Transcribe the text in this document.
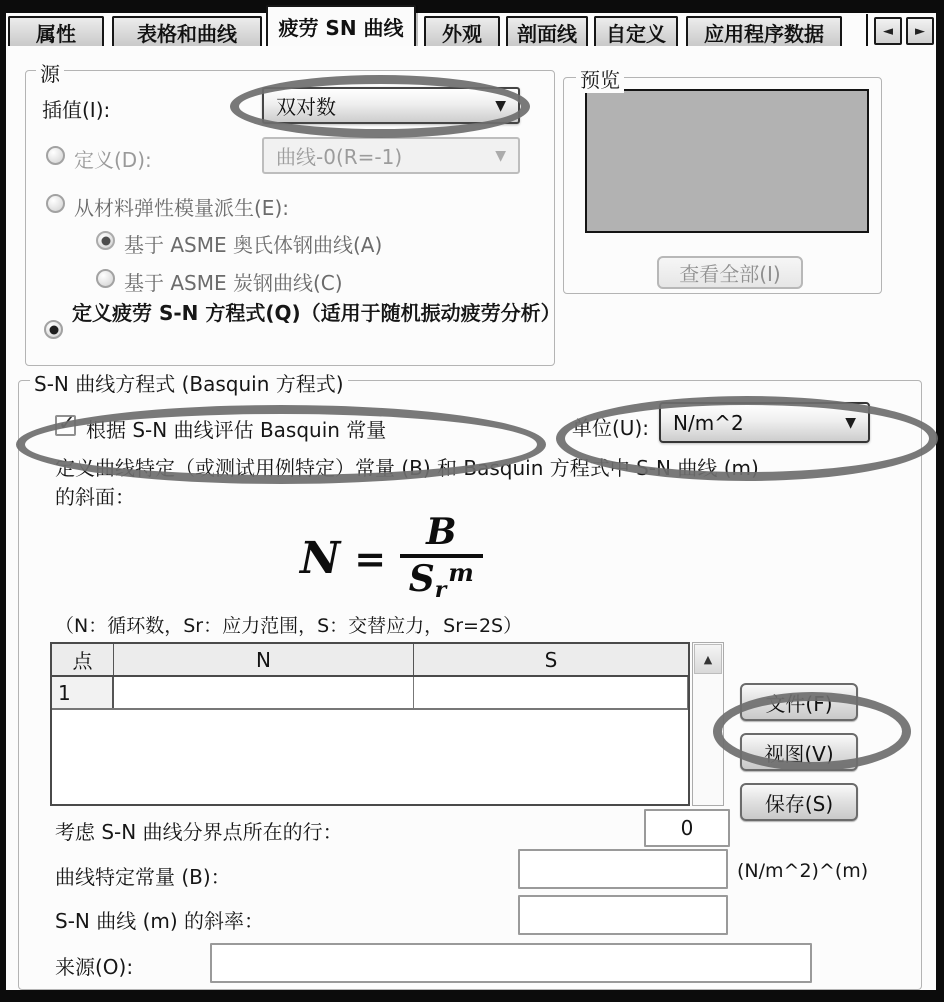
属性	表格和曲线	疲劳 SN 曲线	外观	剖面线	自定义	应用程序数据	◄ ►
源
插值(I):	双对数	▼
定义(D):	曲线-0(R=-1)	▼
从材料弹性模量派生(E):
基于 ASME 奥氏体钢曲线(A)
基于 ASME 炭钢曲线(C)
定义疲劳 S-N 方程式(Q)（适用于随机振动疲劳分析）
预览
查看全部(I)
S-N 曲线方程式 (Basquin 方程式)
✓ 根据 S-N 曲线评估 Basquin 常量	单位(U): N/m^2	▼
定义曲线特定（或测试用例特定）常量 (B) 和 Basquin 方程式中 S-N 曲线 (m)
的斜面：
N = B
$S_r$
$^m$
（N：循环数，Sr：应力范围，S：交替应力，Sr=2S）
点	N	S
1
▲
文件(F)
视图(V)
保存(S)
考虑 S-N 曲线分界点所在的行：
0
曲线特定常量 (B)：	(N/m^2)^(m)
S-N 曲线 (m) 的斜率：
来源(O):
